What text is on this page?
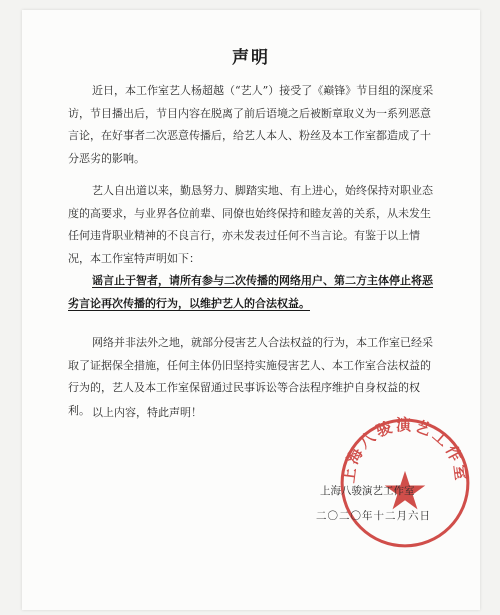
声明

近日，本工作室艺人杨超越（“艺人”）接受了《巅锋》节目组的深度采访，节目播出后，节目内容在脱离了前后语境之后被断章取义为一系列恶意言论，在好事者二次恶意传播后，给艺人本人、粉丝及本工作室都造成了十分恶劣的影响。

艺人自出道以来，勤恳努力、脚踏实地、有上进心，始终保持对职业态度的高要求，与业界各位前辈、同僚也始终保持和睦友善的关系，从未发生任何违背职业精神的不良言行，亦未发表过任何不当言论。有鉴于以上情况，本工作室特声明如下：

谣言止于智者，请所有参与二次传播的网络用户、第二方主体停止将恶劣言论再次传播的行为，以维护艺人的合法权益。

网络并非法外之地，就部分侵害艺人合法权益的行为，本工作室已经采取了证据保全措施，任何主体仍旧坚持实施侵害艺人、本工作室合法权益的行为的，艺人及本工作室保留通过民事诉讼等合法程序维护自身权益的权利。 以上内容，特此声明！

上海八骏演艺工作室
上海八骏演艺工作室
二〇二〇年十二月六日
